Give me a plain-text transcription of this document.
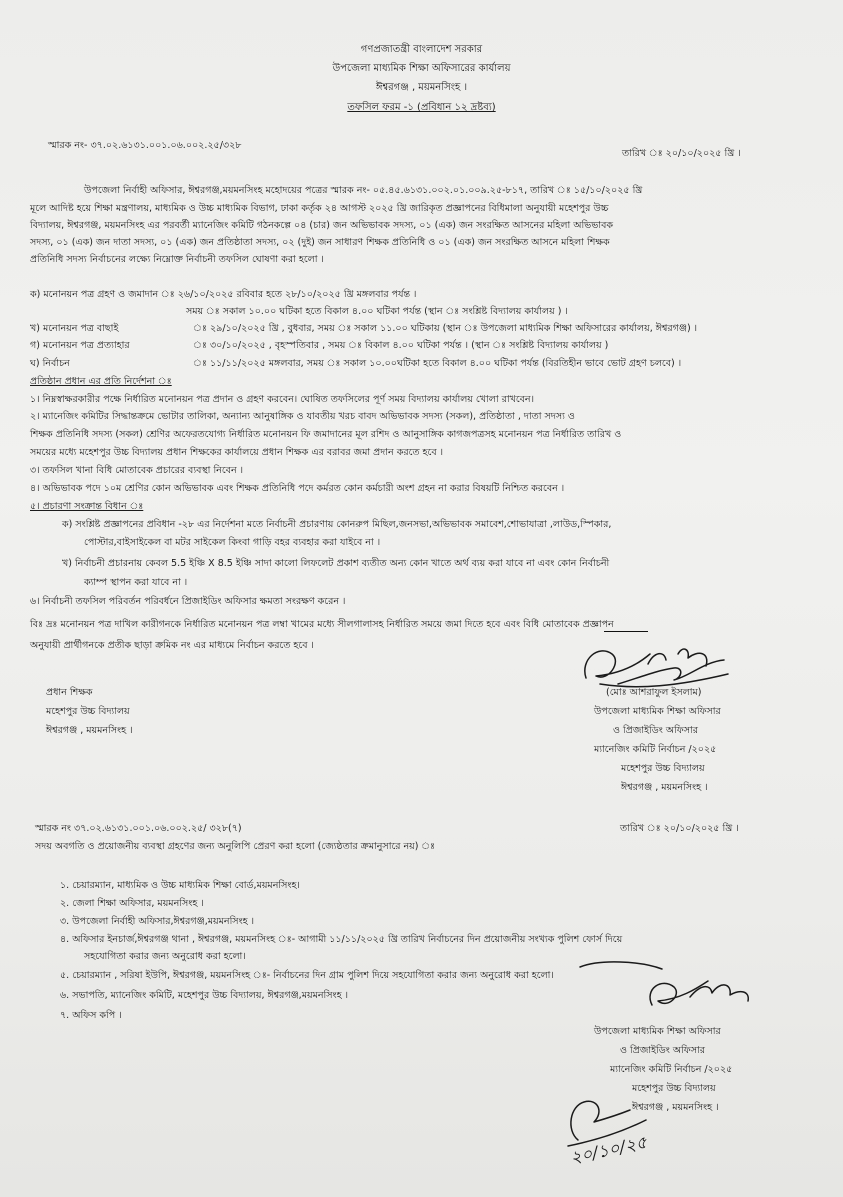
গণপ্রজাতন্ত্রী বাংলাদেশ সরকার
উপজেলা মাধ্যমিক শিক্ষা অফিসারের কার্যালয়
ঈশ্বরগঞ্জ , ময়মনসিংহ ।
তফসিল ফরম -১ (প্রবিধান ১২ দ্রষ্টব্য)
স্মারক নং- ৩৭.০২.৬১৩১.০০১.০৬.০০২.২৫/৩২৮
তারিখ ঃ ২০/১০/২০২৫ খ্রি ।
উপজেলা নির্বাহী অফিসার, ঈশ্বরগঞ্জ,ময়মনসিংহ মহোদয়ের পত্রের স্মারক নং- ০৫.৪৫.৬১৩১.০০২.০১.০০৯.২৫-৮১৭, তারিখ ঃ ১৫/১০/২০২৫ খ্রি
মূলে আদিষ্ট হয়ে শিক্ষা মন্ত্রণালয়, মাধ্যমিক ও উচ্চ মাধ্যমিক বিভাগ, ঢাকা কর্তৃক ২৪ আগস্ট ২০২৫ খ্রি জারিকৃত প্রজ্ঞাপনের বিধিমালা অনুযায়ী মহেশপুর উচ্চ
বিদ্যালয়, ঈশ্বরগঞ্জ, ময়মনসিংহ এর পরবর্তী ম্যানেজিং কমিটি গঠনকল্পে ০৪ (চার) জন অভিভাবক সদস্য, ০১ (এক) জন সংরক্ষিত আসনের মহিলা অভিভাবক
সদস্য, ০১ (এক) জন দাতা সদস্য, ০১ (এক) জন প্রতিষ্ঠাতা সদস্য, ০২ (দুই) জন সাধারণ শিক্ষক প্রতিনিধি ও ০১ (এক) জন সংরক্ষিত আসনে মহিলা শিক্ষক
প্রতিনিধি সদস্য নির্বাচনের লক্ষ্যে নিম্নোক্ত নির্বাচনী তফসিল ঘোষণা করা হলো ।
ক) মনোনয়ন পত্র গ্রহণ ও জমাদান ঃ ২৬/১০/২০২৫ রবিবার হতে ২৮/১০/২০২৫ খ্রি মঙ্গলবার পর্যন্ত ।
সময় ঃ সকাল ১০.০০ ঘটিকা হতে বিকাল ৪.০০ ঘটিকা পর্যন্ত (স্থান ঃ সংশ্লিষ্ট বিদ্যালয় কার্যালয় ) ।
খ) মনোনয়ন পত্র বাছাই	ঃ ২৯/১০/২০২৫ খ্রি , বুধবার, সময় ঃ সকাল ১১.০০ ঘটিকায় (স্থান ঃ উপজেলা মাধ্যমিক শিক্ষা অফিসারের কার্যালয়, ঈশ্বরগঞ্জ) ।
গ) মনোনয়ন পত্র প্রত্যাহার	ঃ ৩০/১০/২০২৫ , বৃহস্পতিবার , সময় ঃ বিকাল ৪.০০ ঘটিকা পর্যন্ত । (স্থান ঃ সংশ্লিষ্ট বিদ্যালয় কার্যালয় )
ঘ) নির্বাচন	ঃ ১১/১১/২০২৫ মঙ্গলবার, সময় ঃ সকাল ১০.০০ঘটিকা হতে বিকাল ৪.০০ ঘটিকা পর্যন্ত (বিরতিহীন ভাবে ভোট গ্রহণ চলবে) ।
প্রতিষ্ঠান প্রধান এর প্রতি নির্দেশনা ঃ
১। নিম্নস্বাক্ষরকারীর পক্ষে নির্ধারিত মনোনয়ন পত্র প্রদান ও গ্রহণ করবেন। ঘোষিত তফসিলের পূর্ণ সময় বিদ্যালয় কার্যালয় খোলা রাখবেন।
২। ম্যানেজিং কমিটির সিদ্ধান্তক্রমে ভোটার তালিকা, অন্যান্য আনুষাঙ্গিক ও যাবতীয় খরচ বাবদ অভিভাবক সদস্য (সকল), প্রতিষ্ঠাতা , দাতা সদস্য ও
শিক্ষক প্রতিনিধি সদস্য (সকল) শ্রেণির অফেরতযোগ্য নির্ধারিত মনোনয়ন ফি জমাদানের মূল রশিদ ও আনুসাঙ্গিক কাগজপত্রসহ মনোনয়ন পত্র নির্ধারিত তারিখ ও
সময়ের মধ্যে মহেশপুর উচ্চ বিদ্যালয় প্রধান শিক্ষকের কার্যালয়ে প্রধান শিক্ষক এর বরাবর জমা প্রদান করতে হবে ।
৩। তফসিল খানা বিধি মোতাবেক প্রচারের ব্যবস্থা নিবেন ।
৪। অভিভাবক পদে ১০ম শ্রেণির কোন অভিভাবক এবং শিক্ষক প্রতিনিধি পদে কর্মরত কোন কর্মচারী অংশ গ্রহন না করার বিষয়টি নিশ্চিত করবেন ।
৫। প্রচারণা সংক্রান্ত বিধান ঃ
ক) সংশ্লিষ্ট প্রজ্ঞাপনের প্রবিধান -২৮ এর নির্দেশনা মতে নির্বাচনী প্রচারণায় কোনরুপ মিছিল,জনসভা,অভিভাবক সমাবেশ,শোভাযাত্রা ,লাউড,স্পিকার,
পোস্টার,বাইসাইকেল বা মটর সাইকেল কিংবা গাড়ি বহর ব্যবহার করা যাইবে না ।
খ) নির্বাচনী প্রচারনায় কেবল 5.5 ইঞ্চি X 8.5 ইঞ্চি সাদা কালো লিফলেট প্রকাশ ব্যতীত অন্য কোন খাতে অর্থ ব্যয় করা যাবে না এবং কোন নির্বাচনী
ক্যাম্প স্থাপন করা যাবে না ।
৬। নির্বাচনী তফসিল পরিবর্তন পরিবর্ধনে প্রিজাইডিং অফিসার ক্ষমতা সংরক্ষণ করেন ।
বিঃ দ্রঃ মনোনয়ন পত্র দাখিল কারীগনকে নির্ধারিত মনোনয়ন পত্র লম্বা খামের মধ্যে সীলগালাসহ নির্ধারিত সময়ে জমা দিতে হবে এবং বিধি মোতাবেক প্রজ্ঞাপন
অনুযায়ী প্রার্থীগনকে প্রতীক ছাড়া ক্রমিক নং এর মাধ্যমে নির্বাচন করতে হবে ।
প্রধান শিক্ষক
মহেশপুর উচ্চ বিদ্যালয়
ঈশ্বরগঞ্জ , ময়মনসিংহ ।
(মোঃ আশরাফুল ইসলাম)
উপজেলা মাধ্যমিক শিক্ষা অফিসার
ও প্রিজাইডিং অফিসার
ম্যানেজিং কমিটি নির্বাচন /২০২৫
মহেশপুর উচ্চ বিদ্যালয়
ঈশ্বরগঞ্জ , ময়মনসিংহ ।
স্মারক নং ৩৭.০২.৬১৩১.০০১.০৬.০০২.২৫/ ৩২৮(৭)	তারিখ ঃ ২০/১০/২০২৫ খ্রি ।
সদয় অবগতি ও প্রয়োজনীয় ব্যবস্থা গ্রহণের জন্য অনুলিপি প্রেরণ করা হলো (জ্যেষ্ঠতার ক্রমানুসারে নয়) ঃ
১. চেয়ারম্যান, মাধ্যমিক ও উচ্চ মাধ্যমিক শিক্ষা বোর্ড,ময়মনসিংহ।
২. জেলা শিক্ষা অফিসার, ময়মনসিংহ ।
৩. উপজেলা নির্বাহী অফিসার,ঈশ্বরগঞ্জ,ময়মনসিংহ ।
৪. অফিসার ইনচার্জ,ঈশ্বরগঞ্জ থানা , ঈশ্বরগঞ্জ, ময়মনসিংহ ঃ- আগামী ১১/১১/২০২৫ খ্রি তারিখ নির্বাচনের দিন প্রয়োজনীয় সংখ্যক পুলিশ ফোর্স দিয়ে
সহযোগিতা করার জন্য অনুরোধ করা হলো।
৫. চেয়ারম্যান , সরিষা ইউপি, ঈশ্বরগঞ্জ, ময়মনসিংহ ঃ- নির্বাচনের দিন গ্রাম পুলিশ দিয়ে সহযোগিতা করার জন্য অনুরোধ করা হলো।
৬. সভাপতি, ম্যানেজিং কমিটি, মহেশপুর উচ্চ বিদ্যালয়, ঈশ্বরগঞ্জ,ময়মনসিংহ ।
৭. অফিস কপি ।
উপজেলা মাধ্যমিক শিক্ষা অফিসার
ও প্রিজাইডিং অফিসার
ম্যানেজিং কমিটি নির্বাচন /২০২৫
মহেশপুর উচ্চ বিদ্যালয়
ঈশ্বরগঞ্জ , ময়মনসিংহ ।
২০/১০/২৫
